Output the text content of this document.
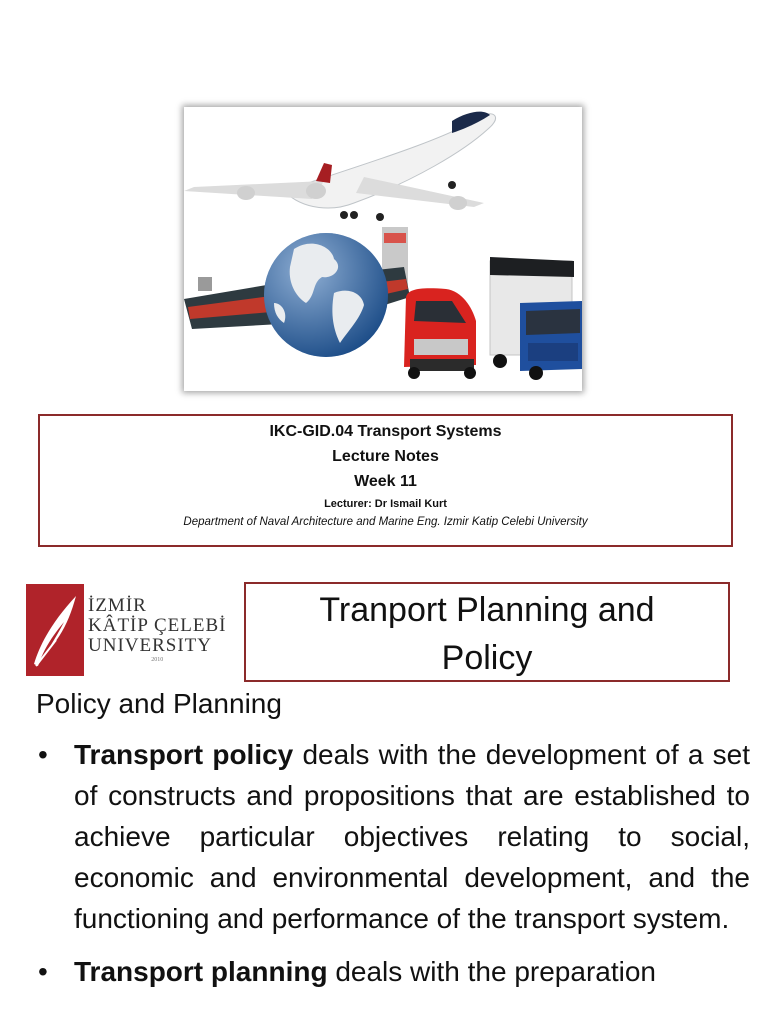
IKC-GID.04 Transport Systems
Lecture Notes
Week 11
Lecturer: Dr Ismail Kurt
Department of Naval Architecture and Marine Eng. Izmir Katip Celebi University
İZMİR
KÂTİP ÇELEBİ
UNIVERSITY
2010
Tranport Planning and
Policy
Policy and Planning
• Transport policy deals with the development of a set of constructs and propositions that are established to achieve particular objectives relating to social, economic and environmental development, and the functioning and performance of the transport system.
• Transport planning deals with the preparation
